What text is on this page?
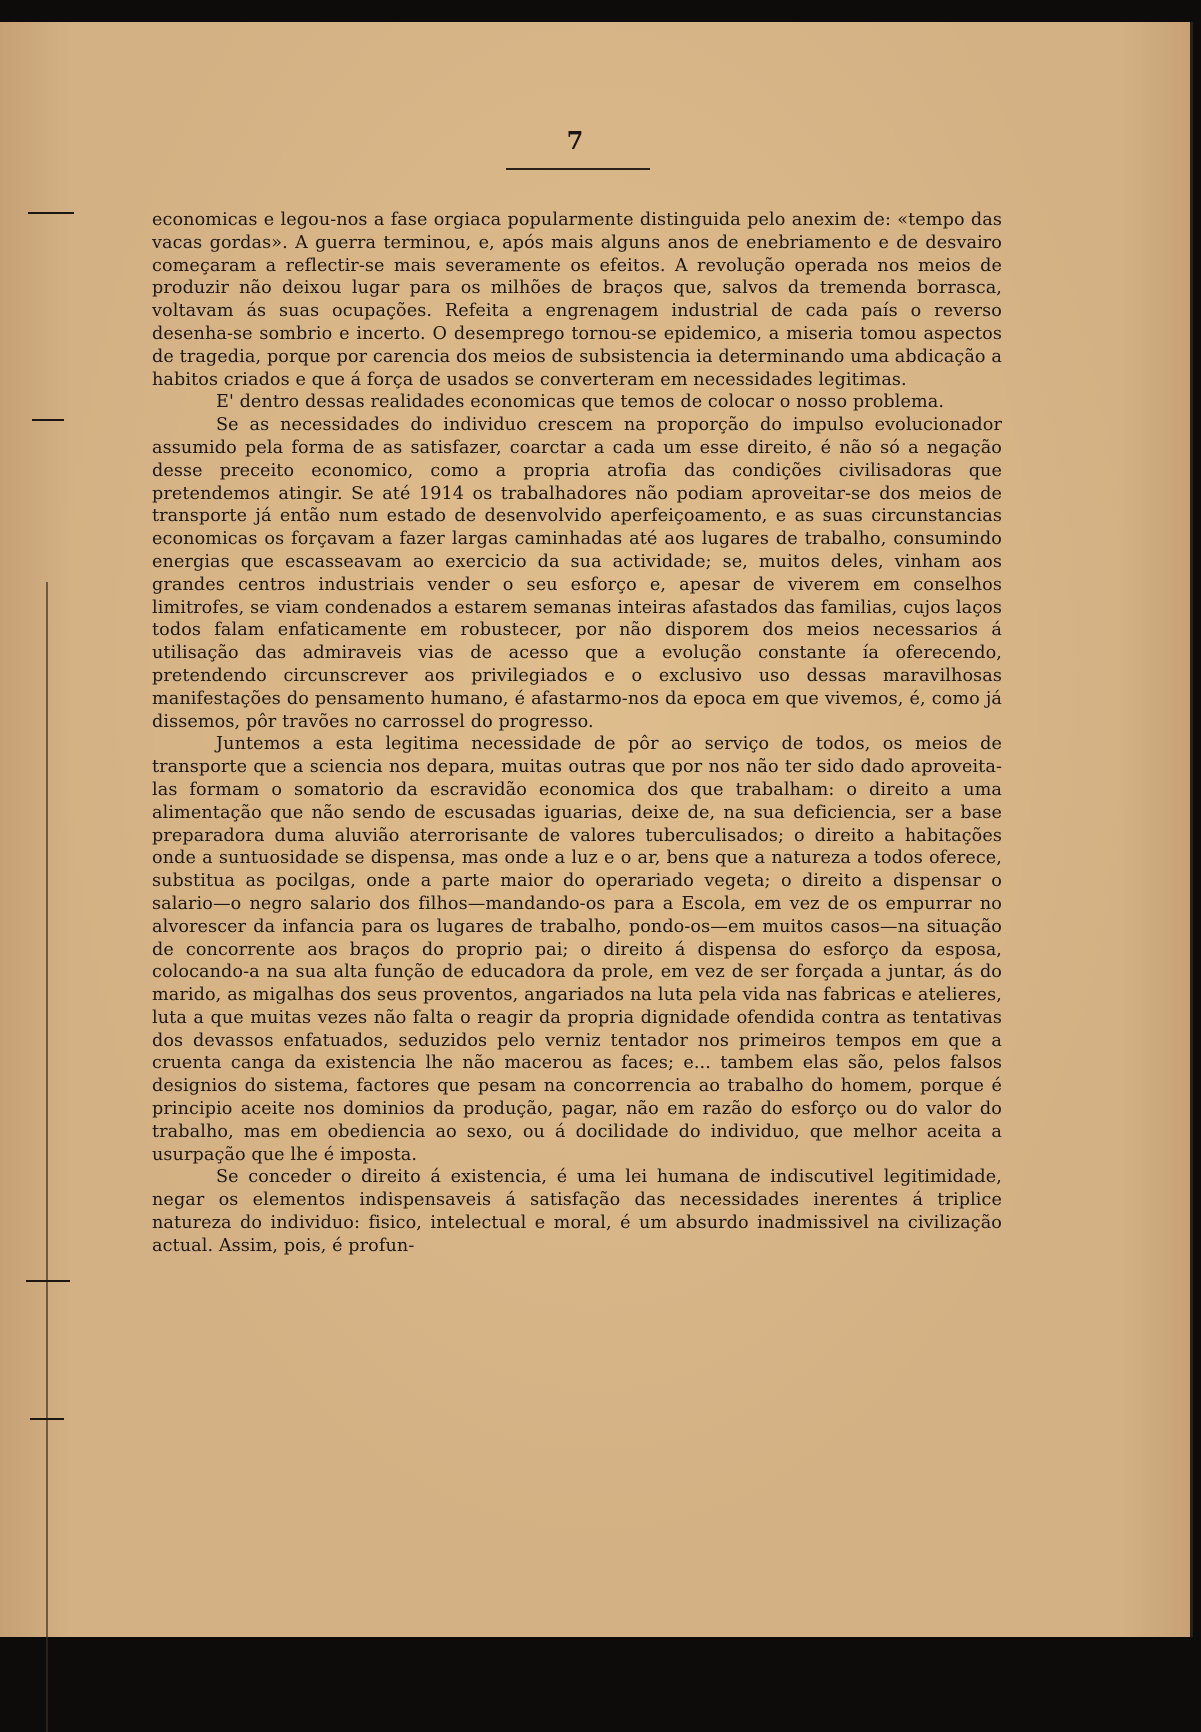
7

economicas e legou-nos a fase orgiaca popularmente distinguida pelo anexim de: «tempo das vacas gordas». A guerra terminou, e, após mais alguns anos de enebriamento e de desvairo começaram a reflectir-se mais severamente os efeitos. A revolução operada nos meios de produzir não deixou lugar para os milhões de braços que, salvos da tremenda borrasca, voltavam ás suas ocupações. Refeita a engrenagem industrial de cada país o reverso desenha-se sombrio e incerto. O desemprego tornou-se epidemico, a miseria tomou aspectos de tragedia, porque por carencia dos meios de subsistencia ia determinando uma abdicação a habitos criados e que á força de usados se converteram em necessidades legitimas.

E' dentro dessas realidades economicas que temos de colocar o nosso problema.

Se as necessidades do individuo crescem na proporção do impulso evolucionador assumido pela forma de as satisfazer, coarctar a cada um esse direito, é não só a negação desse preceito economico, como a propria atrofia das condições civilisadoras que pretendemos atingir. Se até 1914 os trabalhadores não podiam aproveitar-se dos meios de transporte já então num estado de desenvolvido aperfeiçoamento, e as suas circunstancias economicas os forçavam a fazer largas caminhadas até aos lugares de trabalho, consumindo energias que escasseavam ao exercicio da sua actividade; se, muitos deles, vinham aos grandes centros industriais vender o seu esforço e, apesar de viverem em conselhos limitrofes, se viam condenados a estarem semanas inteiras afastados das familias, cujos laços todos falam enfaticamente em robustecer, por não disporem dos meios necessarios á utilisação das admiraveis vias de acesso que a evolução constante ía oferecendo, pretendendo circunscrever aos privilegiados e o exclusivo uso dessas maravilhosas manifestações do pensamento humano, é afastarmo-nos da epoca em que vivemos, é, como já dissemos, pôr travões no carrossel do progresso.

Juntemos a esta legitima necessidade de pôr ao serviço de todos, os meios de transporte que a sciencia nos depara, muitas outras que por nos não ter sido dado aproveita-las formam o somatorio da escravidão economica dos que trabalham: o direito a uma alimentação que não sendo de escusadas iguarias, deixe de, na sua deficiencia, ser a base preparadora duma aluvião aterrorisante de valores tuberculisados; o direito a habitações onde a suntuosidade se dispensa, mas onde a luz e o ar, bens que a natureza a todos oferece, substitua as pocilgas, onde a parte maior do operariado vegeta; o direito a dispensar o salario—o negro salario dos filhos—mandando-os para a Escola, em vez de os empurrar no alvorescer da infancia para os lugares de trabalho, pondo-os—em muitos casos—na situação de concorrente aos braços do proprio pai; o direito á dispensa do esforço da esposa, colocando-a na sua alta função de educadora da prole, em vez de ser forçada a juntar, ás do marido, as migalhas dos seus proventos, angariados na luta pela vida nas fabricas e atelieres, luta a que muitas vezes não falta o reagir da propria dignidade ofendida contra as tentativas dos devassos enfatuados, seduzidos pelo verniz tentador nos primeiros tempos em que a cruenta canga da existencia lhe não macerou as faces; e... tambem elas são, pelos falsos designios do sistema, factores que pesam na concorrencia ao trabalho do homem, porque é principio aceite nos dominios da produção, pagar, não em razão do esforço ou do valor do trabalho, mas em obediencia ao sexo, ou á docilidade do individuo, que melhor aceita a usurpação que lhe é imposta.

Se conceder o direito á existencia, é uma lei humana de indiscutivel legitimidade, negar os elementos indispensaveis á satisfação das necessidades inerentes á triplice natureza do individuo: fisico, intelectual e moral, é um absurdo inadmissivel na civilização actual. Assim, pois, é profun-
